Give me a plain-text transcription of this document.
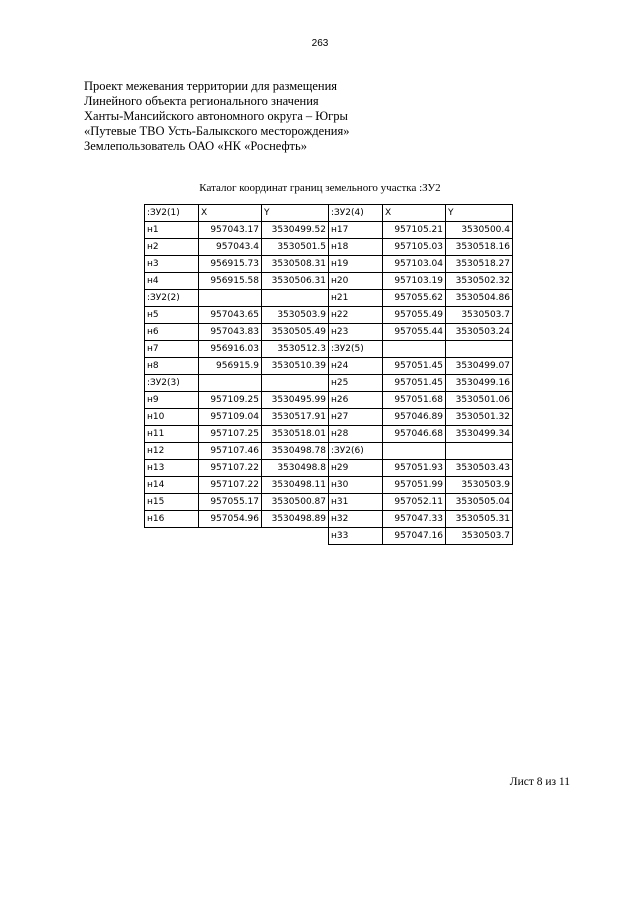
263
Проект межевания территории для размещения
Линейного объекта регионального значения
Ханты-Мансийского автономного округа – Югры
«Путевые ТВО Усть-Балыкского месторождения»
Землепользователь ОАО «НК «Роснефть»
Каталог координат границ земельного участка :ЗУ2
:ЗУ2(1)	X	Y	:ЗУ2(4)	X	Y
н1	957043.17	3530499.52	н17	957105.21	3530500.4
н2	957043.4	3530501.5	н18	957105.03	3530518.16
н3	956915.73	3530508.31	н19	957103.04	3530518.27
н4	956915.58	3530506.31	н20	957103.19	3530502.32
:ЗУ2(2)			н21	957055.62	3530504.86
н5	957043.65	3530503.9	н22	957055.49	3530503.7
н6	957043.83	3530505.49	н23	957055.44	3530503.24
н7	956916.03	3530512.3	:ЗУ2(5)		
н8	956915.9	3530510.39	н24	957051.45	3530499.07
:ЗУ2(3)			н25	957051.45	3530499.16
н9	957109.25	3530495.99	н26	957051.68	3530501.06
н10	957109.04	3530517.91	н27	957046.89	3530501.32
н11	957107.25	3530518.01	н28	957046.68	3530499.34
н12	957107.46	3530498.78	:ЗУ2(6)		
н13	957107.22	3530498.8	н29	957051.93	3530503.43
н14	957107.22	3530498.11	н30	957051.99	3530503.9
н15	957055.17	3530500.87	н31	957052.11	3530505.04
н16	957054.96	3530498.89	н32	957047.33	3530505.31
			н33	957047.16	3530503.7
Лист 8 из 11
